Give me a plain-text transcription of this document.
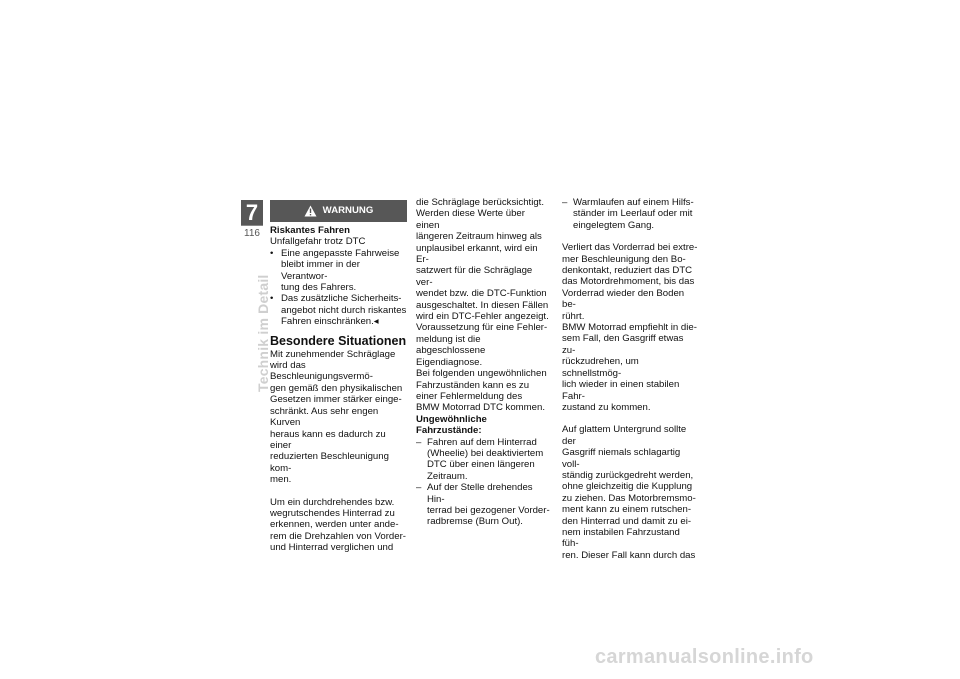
7
116
Technik im Detail
WARNUNG

Riskantes Fahren

Unfallgefahr trotz DTC

• Eine angepasste Fahrweise
bleibt immer in der Verantwor-
tung des Fahrers.
• Das zusätzliche Sicherheits-
angebot nicht durch riskantes
Fahren einschränken.◂
Besondere Situationen
Mit zunehmender Schräglage
wird das Beschleunigungsvermö-
gen gemäß den physikalischen
Gesetzen immer stärker einge-
schränkt. Aus sehr engen Kurven
heraus kann es dadurch zu einer
reduzierten Beschleunigung kom-
men.
Um ein durchdrehendes bzw.
wegrutschendes Hinterrad zu
erkennen, werden unter ande-
rem die Drehzahlen von Vorder-
und Hinterrad verglichen und
die Schräglage berücksichtigt.
Werden diese Werte über einen
längeren Zeitraum hinweg als
unplausibel erkannt, wird ein Er-
satzwert für die Schräglage ver-
wendet bzw. die DTC-Funktion
ausgeschaltet. In diesen Fällen
wird ein DTC-Fehler angezeigt.
Voraussetzung für eine Fehler-
meldung ist die abgeschlossene
Eigendiagnose.
Bei folgenden ungewöhnlichen
Fahrzuständen kann es zu
einer Fehlermeldung des
BMW Motorrad DTC kommen.
Ungewöhnliche
Fahrzustände:
– Fahren auf dem Hinterrad
(Wheelie) bei deaktiviertem
DTC über einen längeren
Zeitraum.
– Auf der Stelle drehendes Hin-
terrad bei gezogener Vorder-
radbremse (Burn Out).
– Warmlaufen auf einem Hilfs-
ständer im Leerlauf oder mit
eingelegtem Gang.
Verliert das Vorderrad bei extre-
mer Beschleunigung den Bo-
denkontakt, reduziert das DTC
das Motordrehmoment, bis das
Vorderrad wieder den Boden be-
rührt.
BMW Motorrad empfiehlt in die-
sem Fall, den Gasgriff etwas zu-
rückzudrehen, um schnellstmög-
lich wieder in einen stabilen Fahr-
zustand zu kommen.
Auf glattem Untergrund sollte der
Gasgriff niemals schlagartig voll-
ständig zurückgedreht werden,
ohne gleichzeitig die Kupplung
zu ziehen. Das Motorbremsmo-
ment kann zu einem rutschen-
den Hinterrad und damit zu ei-
nem instabilen Fahrzustand füh-
ren. Dieser Fall kann durch das
carmanualsonline.info
